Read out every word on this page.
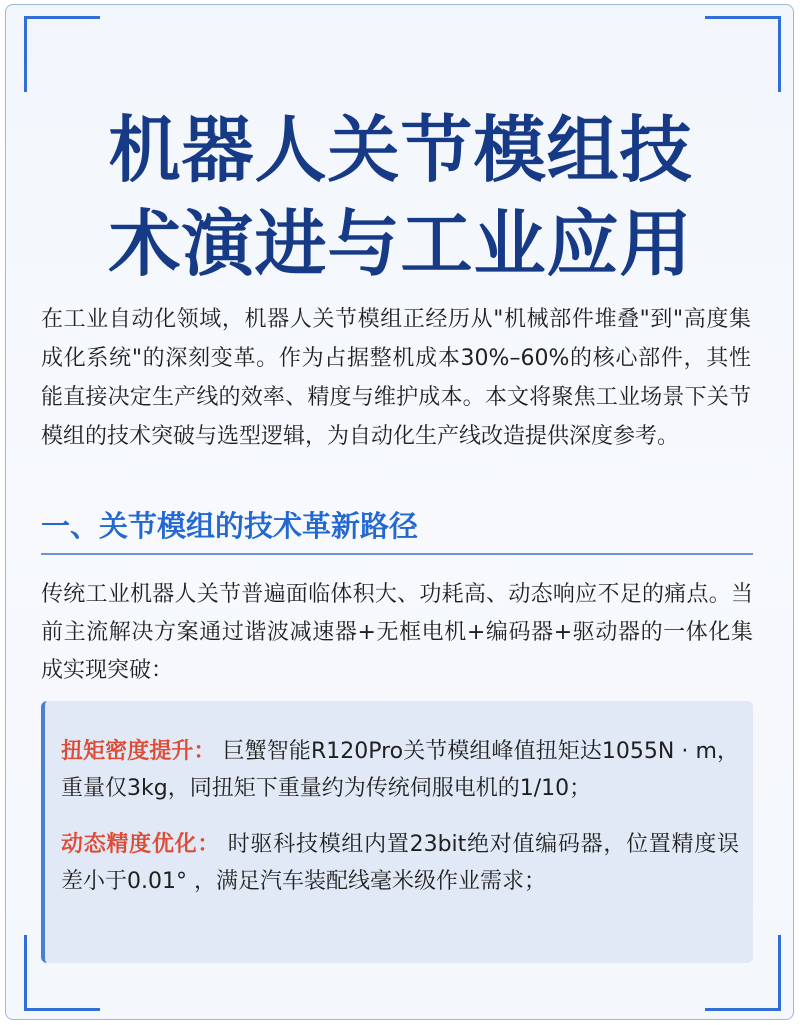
机器人关节模组技
术演进与工业应用

在工业自动化领域，机器人关节模组正经历从"机械部件堆叠"到"高度集成化系统"的深刻变革。作为占据整机成本30%–60%的核心部件，其性能直接决定生产线的效率、精度与维护成本。本文将聚焦工业场景下关节模组的技术突破与选型逻辑，为自动化生产线改造提供深度参考。

一、关节模组的技术革新路径

传统工业机器人关节普遍面临体积大、功耗高、动态响应不足的痛点。当前主流解决方案通过谐波减速器+无框电机+编码器+驱动器的一体化集成实现突破：

扭矩密度提升： 巨蟹智能R120Pro关节模组峰值扭矩达1055N · m，重量仅3kg，同扭矩下重量约为传统伺服电机的1/10；

动态精度优化： 时驱科技模组内置23bit绝对值编码器，位置精度误差小于0.01° ，满足汽车装配线毫米级作业需求；
